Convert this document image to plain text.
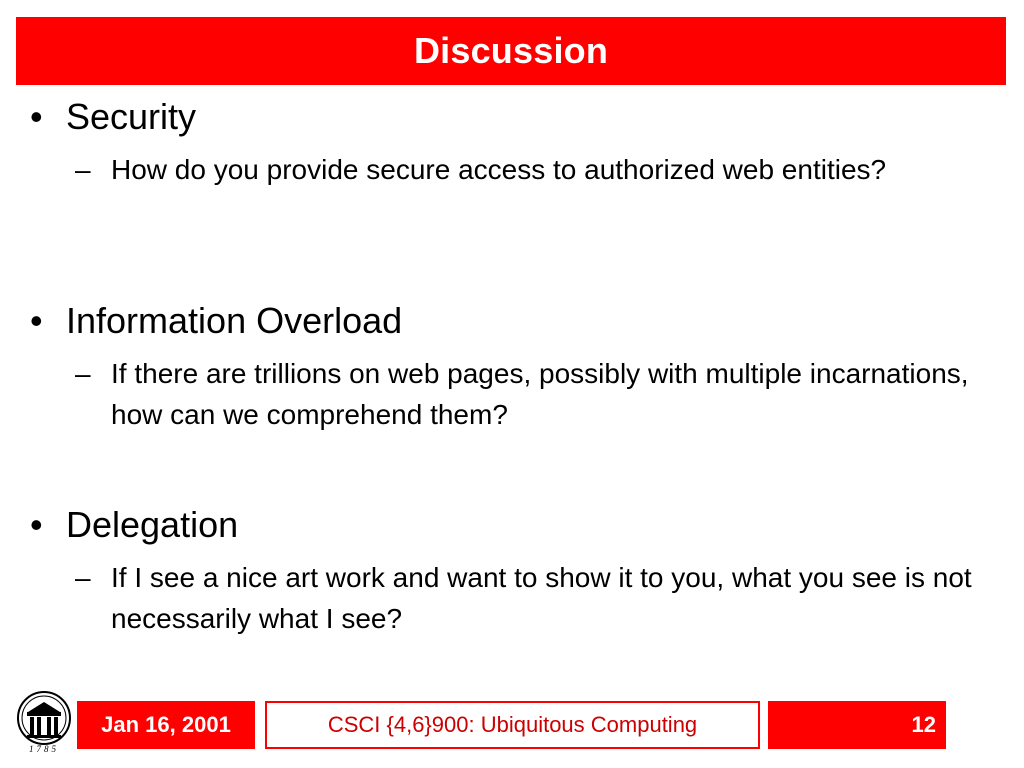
Discussion
• Security
– How do you provide secure access to authorized web entities?
• Information Overload
– If there are trillions on web pages, possibly with multiple incarnations, how can we comprehend them?
• Delegation
– If I see a nice art work and want to show it to you, what you see is not necessarily what I see?
1785
Jan 16, 2001	CSCI {4,6}900: Ubiquitous Computing	12
